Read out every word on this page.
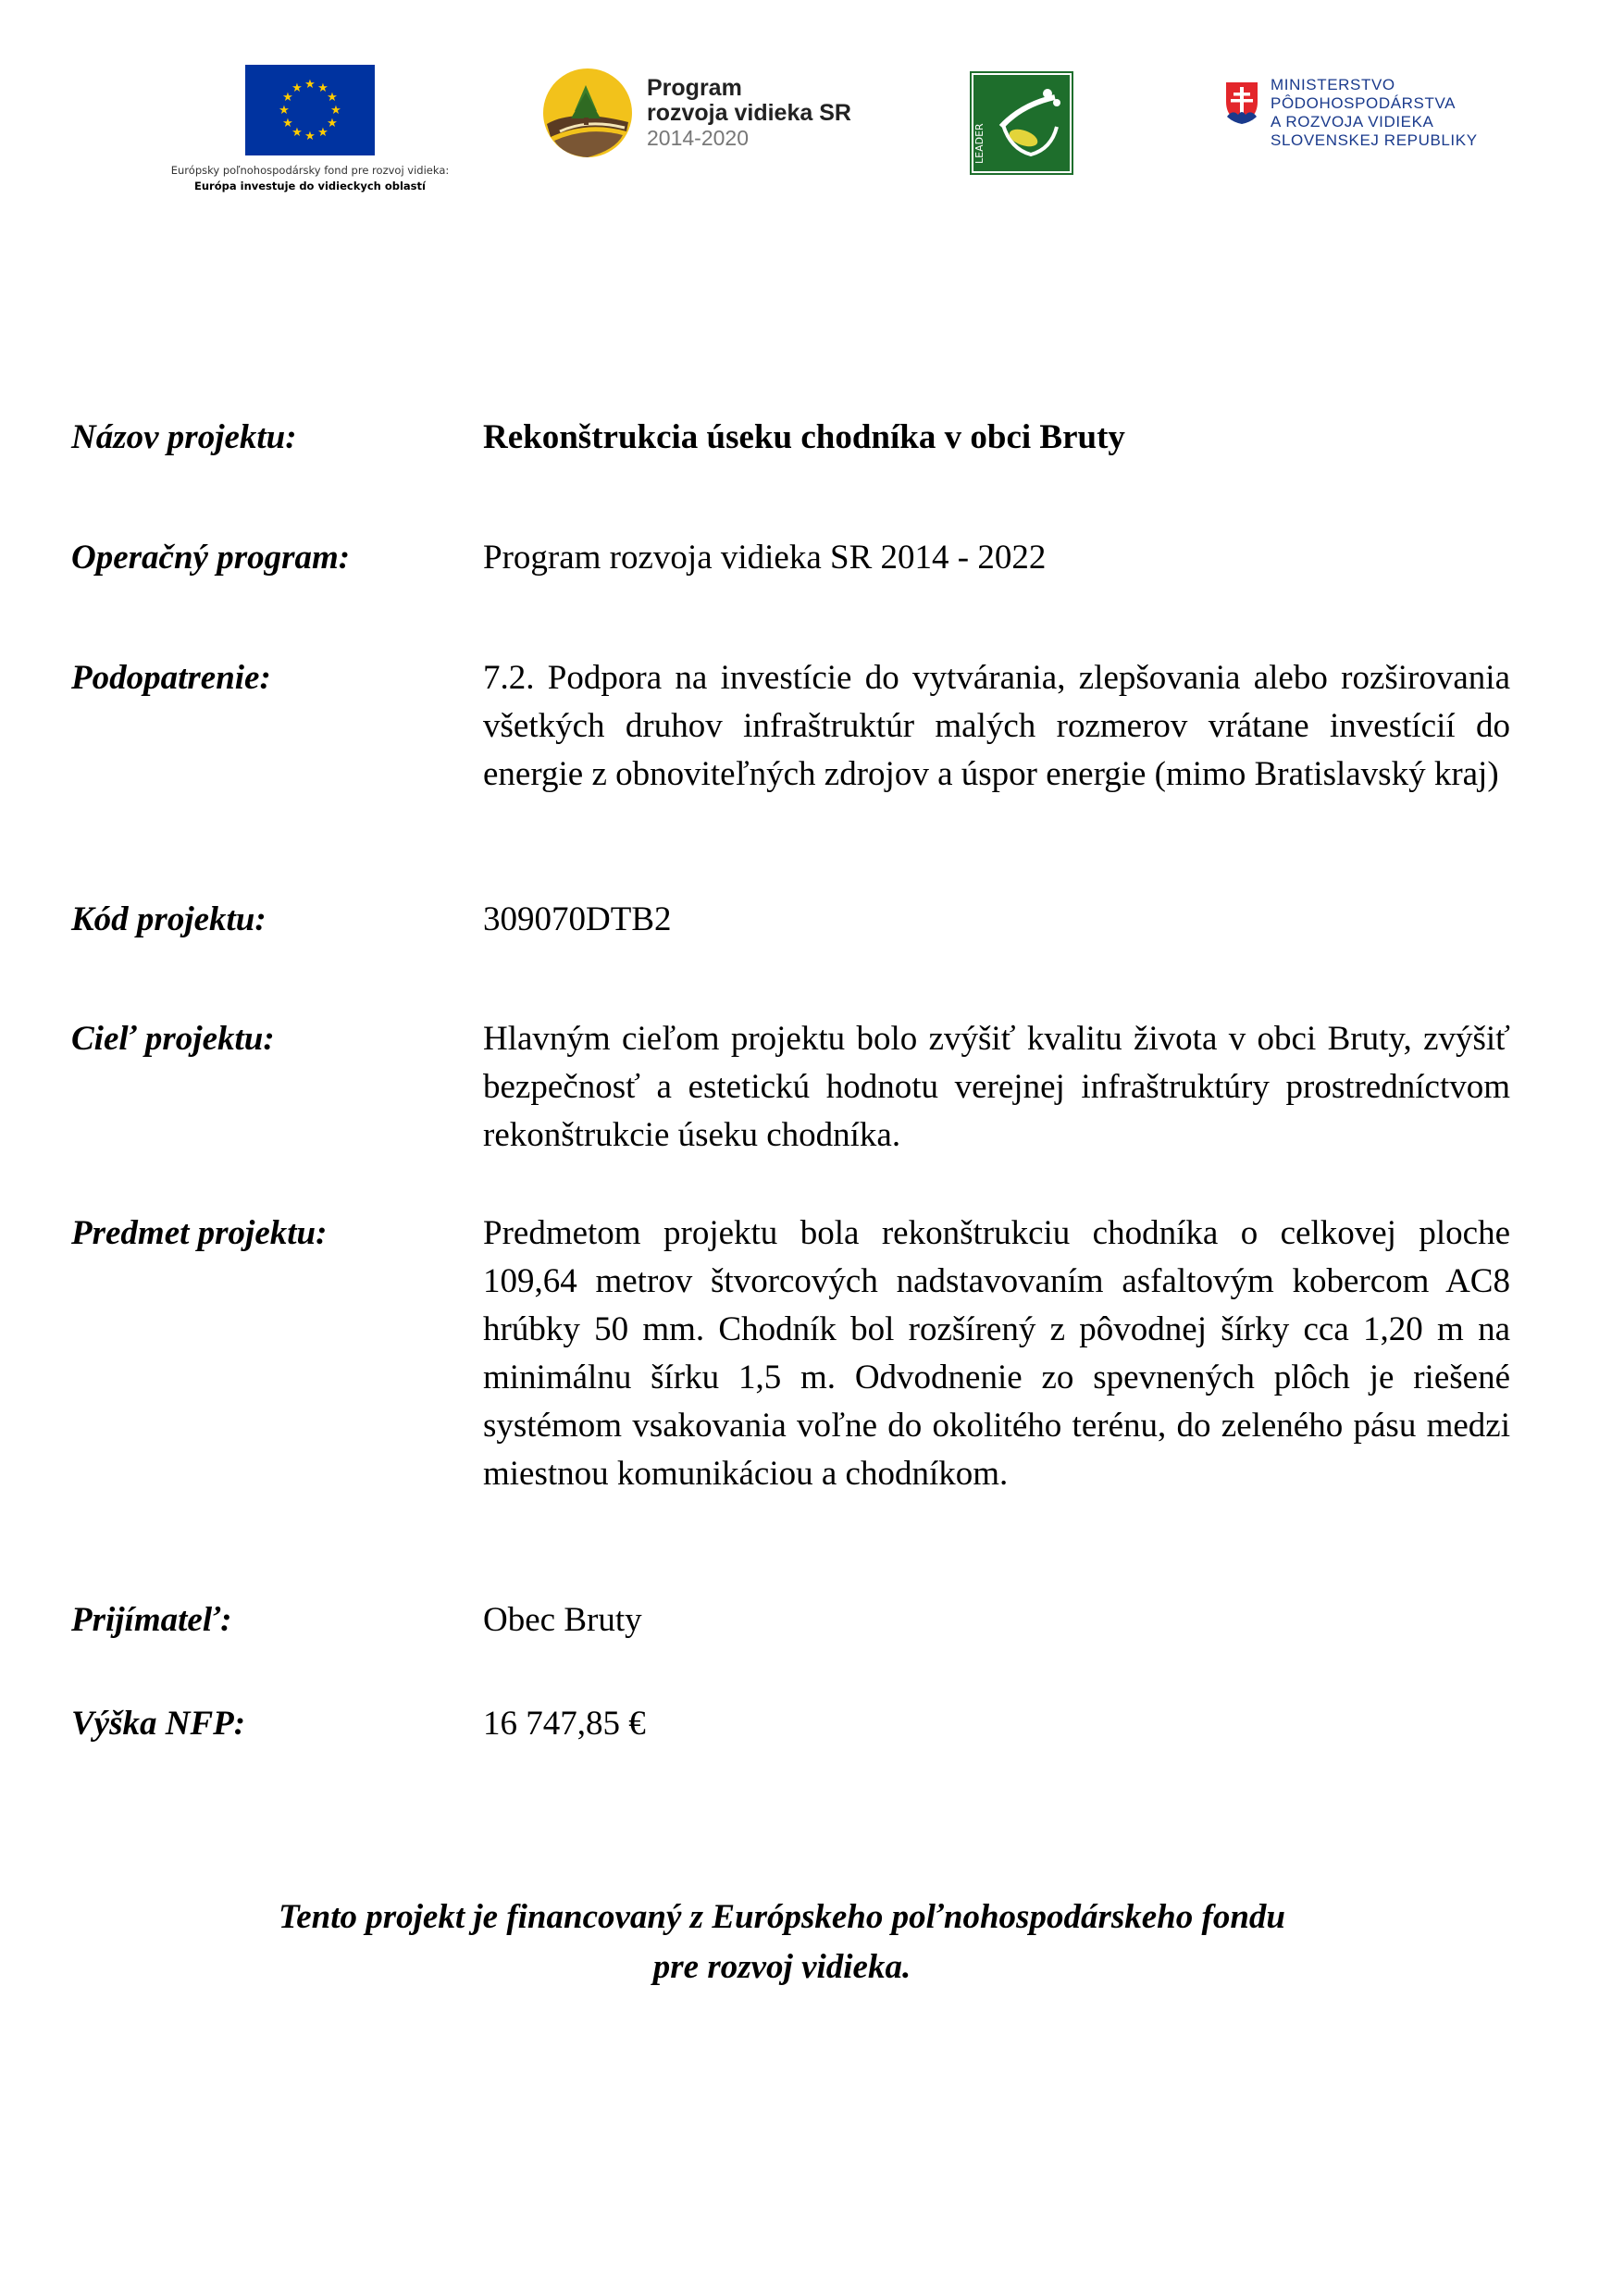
★ ★
★
★
★
★
★
★
★
★
★
★
Európsky poľnohospodársky fond pre rozvoj vidieka:
Európa investuje do vidieckych oblastí
Program
rozvoja vidieka SR
2014-2020	LEADER
MINISTERSTVO
PÔDOHOSPODÁRSTVA
A ROZVOJA VIDIEKA
SLOVENSKEJ REPUBLIKY
Názov projektu:	Rekonštrukcia úseku chodníka v obci Bruty
Operačný program:	Program rozvoja vidieka SR 2014 - 2022
Podopatrenie:	7.2. Podpora na investície do vytvárania, zlepšovania alebo rozširovania všetkých druhov infraštruktúr malých rozmerov vrátane investícií do energie z obnoviteľných zdrojov a úspor energie (mimo Bratislavský kraj)
Kód projektu:	309070DTB2
Cieľ projektu:	Hlavným cieľom projektu bolo zvýšiť kvalitu života v obci Bruty, zvýšiť bezpečnosť a estetickú hodnotu verejnej infraštruktúry prostredníctvom rekonštrukcie úseku chodníka.
Predmet projektu:	Predmetom projektu bola rekonštrukciu chodníka o celkovej ploche 109,64 metrov štvorcových nadstavovaním asfaltovým kobercom AC8 hrúbky 50 mm. Chodník bol rozšírený z pôvodnej šírky cca 1,20 m na minimálnu šírku 1,5 m. Odvodnenie zo spevnených plôch je riešené systémom vsakovania voľne do okolitého terénu, do zeleného pásu medzi miestnou komunikáciou a chodníkom.
Prijímateľ:	Obec Bruty
Výška NFP:	16 747,85 €
Tento projekt je financovaný z Európskeho poľnohospodárskeho fondu
pre rozvoj vidieka.
